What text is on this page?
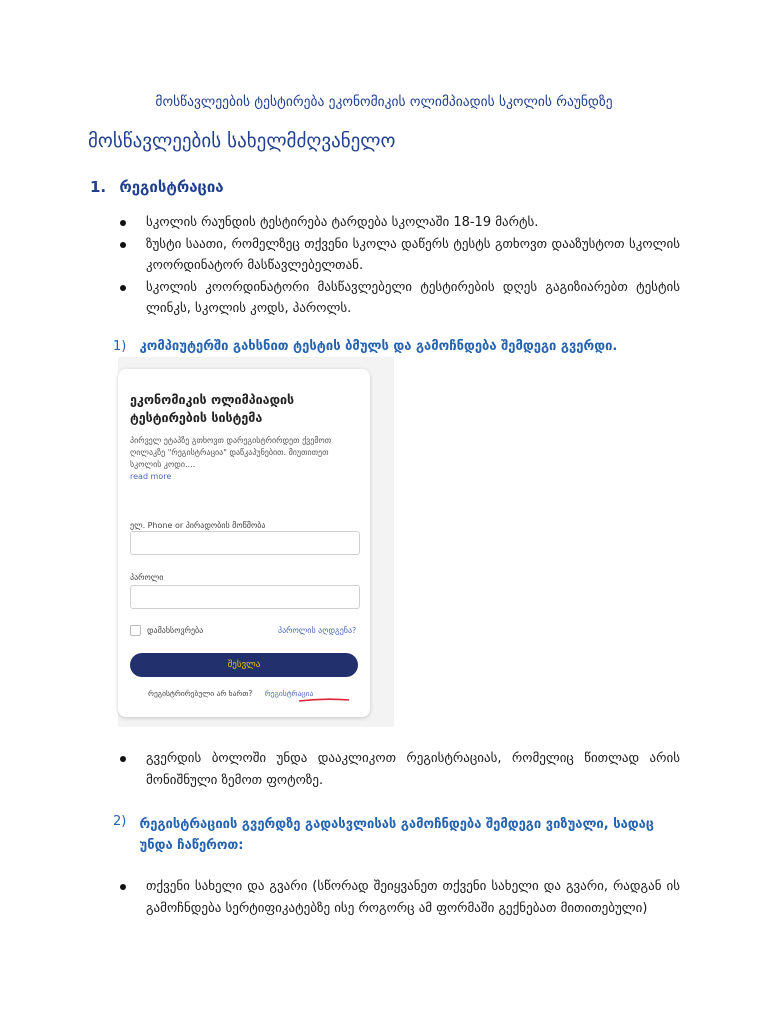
მოსწავლეების ტესტირება ეკონომიკის ოლიმპიადის სკოლის რაუნდზე
მოსწავლეების სახელმძღვანელო
1. რეგისტრაცია
სკოლის რაუნდის ტესტირება ტარდება სკოლაში 18-19 მარტს.
ზუსტი საათი, რომელზეც თქვენი სკოლა დაწერს ტესტს გთხოვთ დააზუსტოთ სკოლის კოორდინატორ მასწავლებელთან.
სკოლის კოორდინატორი მასწავლებელი ტესტირების დღეს გაგიზიარებთ ტესტის ლინკს, სკოლის კოდს, პაროლს.
1) კომპიუტერში გახსნით ტესტის ბმულს და გამოჩნდება შემდეგი გვერდი.
ეკონომიკის ოლიმპიადის ტესტირების სისტემა
პირველ ეტაპზე გთხოვთ დარეგისტრირდეთ ქვემოთ ღილაკზე "რეგისტრაცია" დაწკაპუნებით. მიუთითეთ სკოლის კოდი....
read more
ელ. Phone or პირადობის მოწმობა
პაროლი
დამახსოვრება	პაროლის აღდგენა?
შესვლა
რეგისტრირებული არ ხართ? რეგისტრაცია
გვერდის ბოლოში უნდა დააკლიკოთ რეგისტრაციას, რომელიც წითლად არის მონიშნული ზემოთ ფოტოზე.
2) რეგისტრაციის გვერდზე გადასვლისას გამოჩნდება შემდეგი ვიზუალი, სადაც უნდა ჩაწეროთ:
თქვენი სახელი და გვარი (სწორად შეიყვანეთ თქვენი სახელი და გვარი, რადგან ის გამოჩნდება სერტიფიკატებზე ისე როგორც ამ ფორმაში გექნებათ მითითებული)
